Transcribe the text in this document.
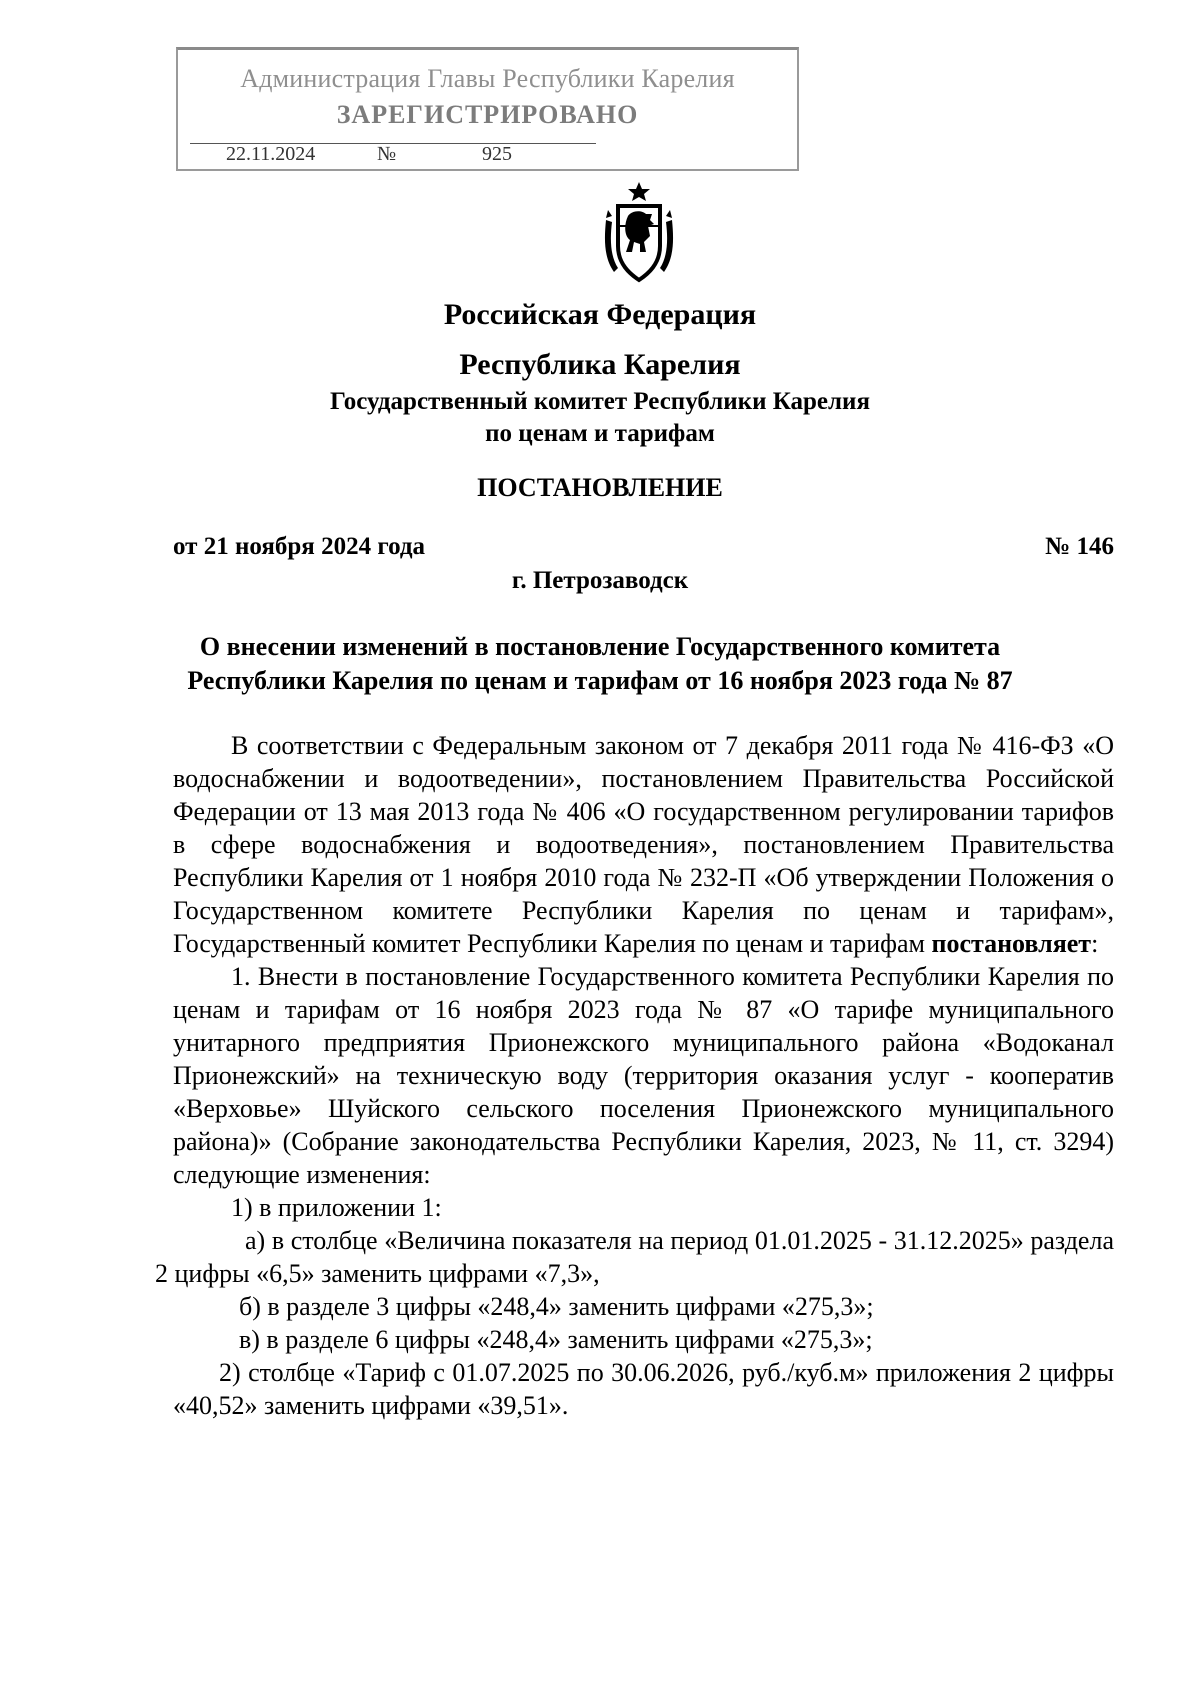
Администрация Главы Республики Карелия
ЗАРЕГИСТРИРОВАНО
22.11.2024	№	925
Российская Федерация
Республика Карелия
Государственный комитет Республики Карелия
по ценам и тарифам
ПОСТАНОВЛЕНИЕ
от 21 ноября 2024 года	№ 146
г. Петрозаводск
О внесении изменений в постановление Государственного комитета
Республики Карелия по ценам и тарифам от 16 ноября 2023 года № 87

В соответствии с Федеральным законом от 7 декабря 2011 года № 416-ФЗ «О водоснабжении и водоотведении», постановлением Правительства Российской Федерации от 13 мая 2013 года № 406 «О государственном регулировании тарифов в сфере водоснабжения и водоотведения», постановлением Правительства Республики Карелия от 1 ноября 2010 года № 232-П «Об утверждении Положения о Государственном комитете Республики Карелия по ценам и тарифам», Государственный комитет Республики Карелия по ценам и тарифам постановляет:

1. Внести в постановление Государственного комитета Республики Карелия по ценам и тарифам от 16 ноября 2023 года № 87 «О тарифе муниципального унитарного предприятия Прионежского муниципального района «Водоканал Прионежский» на техническую воду (территория оказания услуг - кооператив «Верховье» Шуйского сельского поселения Прионежского муниципального района)» (Собрание законодательства Республики Карелия, 2023, № 11, ст. 3294) следующие изменения:

1) в приложении 1:

а) в столбце «Величина показателя на период 01.01.2025 - 31.12.2025» раздела 2 цифры «6,5» заменить цифрами «7,3»,

б) в разделе 3 цифры «248,4» заменить цифрами «275,3»;

в) в разделе 6 цифры «248,4» заменить цифрами «275,3»;

2) столбце «Тариф с 01.07.2025 по 30.06.2026, руб./куб.м» приложения 2 цифры «40,52» заменить цифрами «39,51».
